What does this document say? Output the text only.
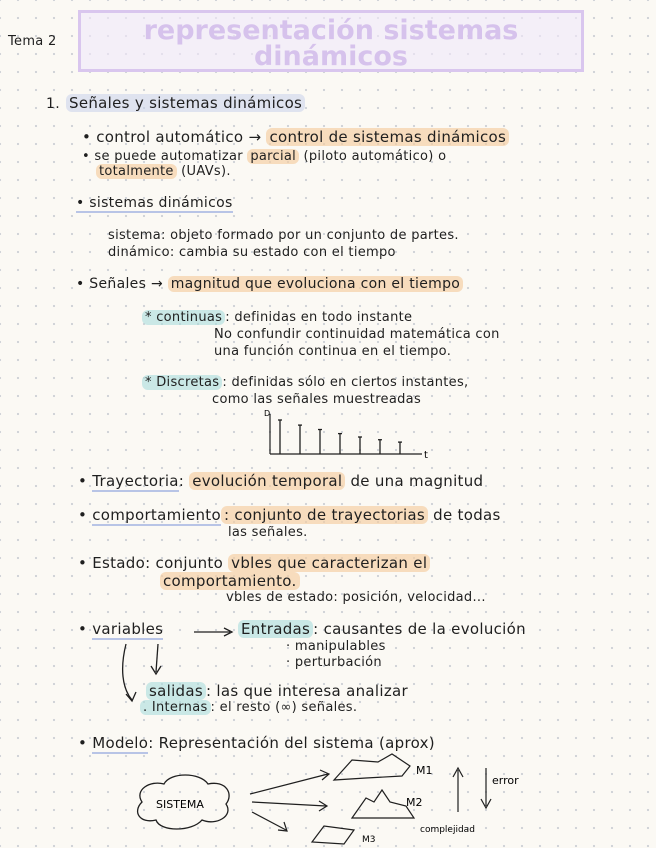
Tema 2	representación sistemas
dinámicos
1. Señales y sistemas dinámicos
• control automático → control de sistemas dinámicos
• se puede automatizar parcial (piloto automático) o
totalmente (UAVs).
• sistemas dinámicos
sistema: objeto formado por un conjunto de partes.
dinámico: cambia su estado con el tiempo
• Señales → magnitud que evoluciona con el tiempo
* continuas : definidas en todo instante
No confundir continuidad matemática con
una función continua en el tiempo.
* Discretas : definidas sólo en ciertos instantes,
como las señales muestreadas
t
D
• Trayectoria: evolución temporal de una magnitud
• comportamiento : conjunto de trayectorias de todas
las señales.
• Estado: conjunto vbles que caracterizan el
comportamiento.
vbles de estado: posición, velocidad...
• variables	Entradas : causantes de la evolución
· manipulables
· perturbación
salidas : las que interesa analizar
. Internas : el resto (∞) señales.
• Modelo: Representación del sistema (aprox)
SISTEMA
M1
M2
M3
error
complejidad
